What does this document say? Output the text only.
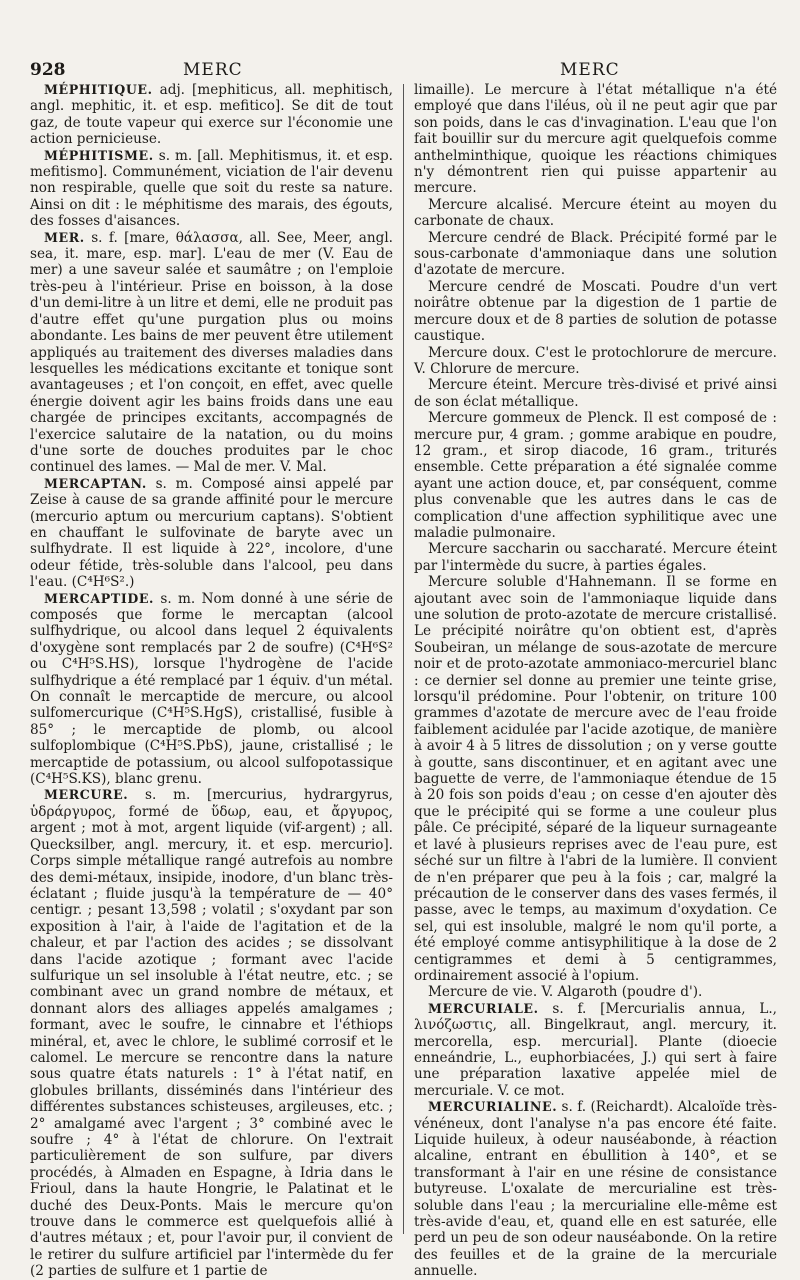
928	MERC	MERC

MÉPHITIQUE. adj. [mephiticus, all. mephitisch, angl. mephitic, it. et esp. mefitico]. Se dit de tout gaz, de toute vapeur qui exerce sur l'économie une action pernicieuse.

MÉPHITISME. s. m. [all. Mephitismus, it. et esp. mefitismo]. Communément, viciation de l'air devenu non respirable, quelle que soit du reste sa nature. Ainsi on dit : le méphitisme des marais, des égouts, des fosses d'aisances.

MER. s. f. [mare, θάλασσα, all. See, Meer, angl. sea, it. mare, esp. mar]. L'eau de mer (V. Eau de mer) a une saveur salée et saumâtre ; on l'emploie très-peu à l'intérieur. Prise en boisson, à la dose d'un demi-litre à un litre et demi, elle ne produit pas d'autre effet qu'une purgation plus ou moins abondante. Les bains de mer peuvent être utilement appliqués au traitement des diverses maladies dans lesquelles les médications excitante et tonique sont avantageuses ; et l'on conçoit, en effet, avec quelle énergie doivent agir les bains froids dans une eau chargée de principes excitants, accompagnés de l'exercice salutaire de la natation, ou du moins d'une sorte de douches produites par le choc continuel des lames. — Mal de mer. V. Mal.

MERCAPTAN. s. m. Composé ainsi appelé par Zeise à cause de sa grande affinité pour le mercure (mercurio aptum ou mercurium captans). S'obtient en chauffant le sulfovinate de baryte avec un sulfhydrate. Il est liquide à 22°, incolore, d'une odeur fétide, très-soluble dans l'alcool, peu dans l'eau. (C⁴H⁶S².)

MERCAPTIDE. s. m. Nom donné à une série de composés que forme le mercaptan (alcool sulfhydrique, ou alcool dans lequel 2 équivalents d'oxygène sont remplacés par 2 de soufre) (C⁴H⁶S² ou C⁴H⁵S.HS), lorsque l'hydrogène de l'acide sulfhydrique a été remplacé par 1 équiv. d'un métal. On connaît le mercaptide de mercure, ou alcool sulfomercurique (C⁴H⁵S.HgS), cristallisé, fusible à 85° ; le mercaptide de plomb, ou alcool sulfoplombique (C⁴H⁵S.PbS), jaune, cristallisé ; le mercaptide de potassium, ou alcool sulfopotassique (C⁴H⁵S.KS), blanc grenu.

MERCURE. s. m. [mercurius, hydrargyrus, ὑδράργυρος, formé de ὕδωρ, eau, et ἄργυρος, argent ; mot à mot, argent liquide (vif-argent) ; all. Quecksilber, angl. mercury, it. et esp. mercurio]. Corps simple métallique rangé autrefois au nombre des demi-métaux, insipide, inodore, d'un blanc très-éclatant ; fluide jusqu'à la température de — 40° centigr. ; pesant 13,598 ; volatil ; s'oxydant par son exposition à l'air, à l'aide de l'agitation et de la chaleur, et par l'action des acides ; se dissolvant dans l'acide azotique ; formant avec l'acide sulfurique un sel insoluble à l'état neutre, etc. ; se combinant avec un grand nombre de métaux, et donnant alors des alliages appelés amalgames ; formant, avec le soufre, le cinnabre et l'éthiops minéral, et, avec le chlore, le sublimé corrosif et le calomel. Le mercure se rencontre dans la nature sous quatre états naturels : 1° à l'état natif, en globules brillants, disséminés dans l'intérieur des différentes substances schisteuses, argileuses, etc. ; 2° amalgamé avec l'argent ; 3° combiné avec le soufre ; 4° à l'état de chlorure. On l'extrait particulièrement de son sulfure, par divers procédés, à Almaden en Espagne, à Idria dans le Frioul, dans la haute Hongrie, le Palatinat et le duché des Deux-Ponts. Mais le mercure qu'on trouve dans le commerce est quelquefois allié à d'autres métaux ; et, pour l'avoir pur, il convient de le retirer du sulfure artificiel par l'intermède du fer (2 parties de sulfure et 1 partie de

limaille). Le mercure à l'état métallique n'a été employé que dans l'iléus, où il ne peut agir que par son poids, dans le cas d'invagination. L'eau que l'on fait bouillir sur du mercure agit quelquefois comme anthelminthique, quoique les réactions chimiques n'y démontrent rien qui puisse appartenir au mercure.

Mercure alcalisé. Mercure éteint au moyen du carbonate de chaux.

Mercure cendré de Black. Précipité formé par le sous-carbonate d'ammoniaque dans une solution d'azotate de mercure.

Mercure cendré de Moscati. Poudre d'un vert noirâtre obtenue par la digestion de 1 partie de mercure doux et de 8 parties de solution de potasse caustique.

Mercure doux. C'est le protochlorure de mercure. V. Chlorure de mercure.

Mercure éteint. Mercure très-divisé et privé ainsi de son éclat métallique.

Mercure gommeux de Plenck. Il est composé de : mercure pur, 4 gram. ; gomme arabique en poudre, 12 gram., et sirop diacode, 16 gram., triturés ensemble. Cette préparation a été signalée comme ayant une action douce, et, par conséquent, comme plus convenable que les autres dans le cas de complication d'une affection syphilitique avec une maladie pulmonaire.

Mercure saccharin ou saccharaté. Mercure éteint par l'intermède du sucre, à parties égales.

Mercure soluble d'Hahnemann. Il se forme en ajoutant avec soin de l'ammoniaque liquide dans une solution de proto-azotate de mercure cristallisé. Le précipité noirâtre qu'on obtient est, d'après Soubeiran, un mélange de sous-azotate de mercure noir et de proto-azotate ammoniaco-mercuriel blanc : ce dernier sel donne au premier une teinte grise, lorsqu'il prédomine. Pour l'obtenir, on triture 100 grammes d'azotate de mercure avec de l'eau froide faiblement acidulée par l'acide azotique, de manière à avoir 4 à 5 litres de dissolution ; on y verse goutte à goutte, sans discontinuer, et en agitant avec une baguette de verre, de l'ammoniaque étendue de 15 à 20 fois son poids d'eau ; on cesse d'en ajouter dès que le précipité qui se forme a une couleur plus pâle. Ce précipité, séparé de la liqueur surnageante et lavé à plusieurs reprises avec de l'eau pure, est séché sur un filtre à l'abri de la lumière. Il convient de n'en préparer que peu à la fois ; car, malgré la précaution de le conserver dans des vases fermés, il passe, avec le temps, au maximum d'oxydation. Ce sel, qui est insoluble, malgré le nom qu'il porte, a été employé comme antisyphilitique à la dose de 2 centigrammes et demi à 5 centigrammes, ordinairement associé à l'opium.

Mercure de vie. V. Algaroth (poudre d').

MERCURIALE. s. f. [Mercurialis annua, L., λινόζωστις, all. Bingelkraut, angl. mercury, it. mercorella, esp. mercurial]. Plante (dioecie enneándrie, L., euphorbiacées, J.) qui sert à faire une préparation laxative appelée miel de mercuriale. V. ce mot.

MERCURIALINE. s. f. (Reichardt). Alcaloïde très-vénéneux, dont l'analyse n'a pas encore été faite. Liquide huileux, à odeur nauséabonde, à réaction alcaline, entrant en ébullition à 140°, et se transformant à l'air en une résine de consistance butyreuse. L'oxalate de mercurialine est très-soluble dans l'eau ; la mercurialine elle-même est très-avide d'eau, et, quand elle en est saturée, elle perd un peu de son odeur nauséabonde. On la retire des feuilles et de la graine de la mercuriale annuelle.
